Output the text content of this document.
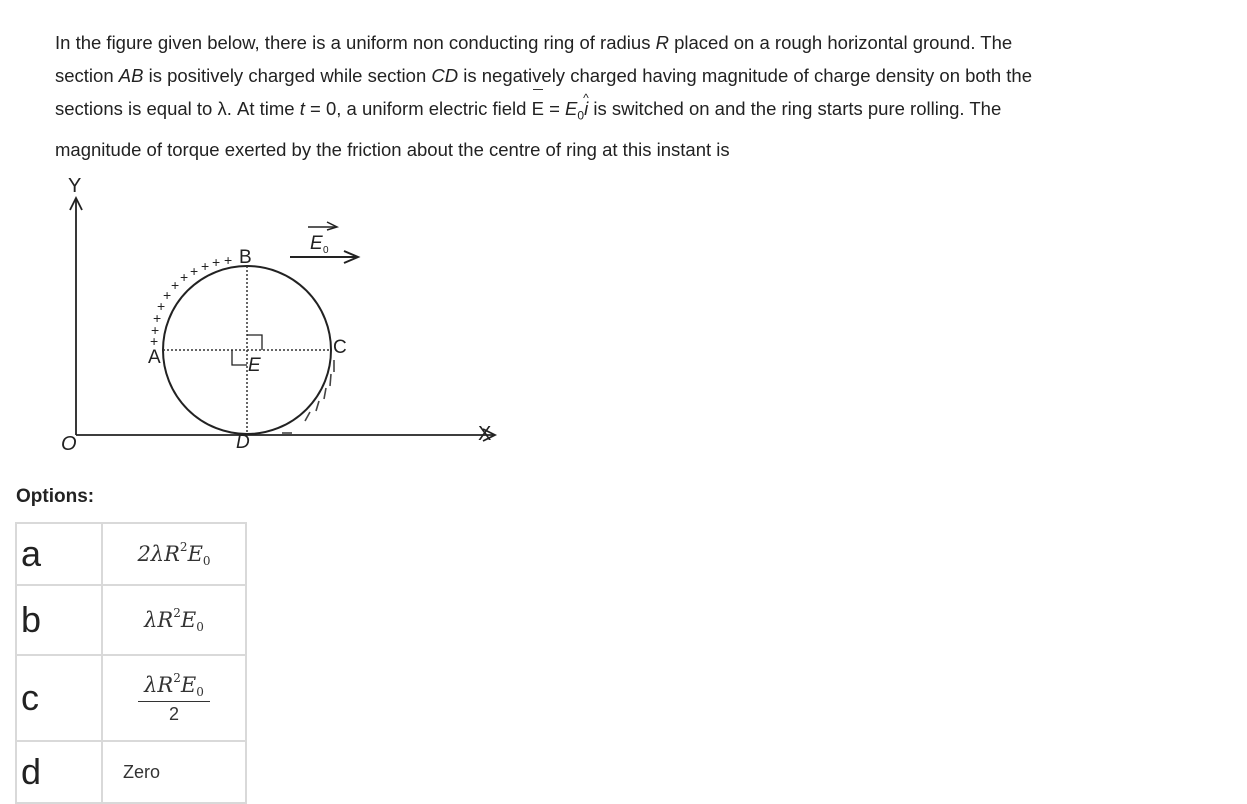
In the figure given below, there is a uniform non conducting ring of radius R placed on a rough horizontal ground. The

section AB is positively charged while section CD is negatively charged having magnitude of charge density on both the

sections is equal to λ. At time t = 0, a uniform electric field $E = E_0\^{}$ i is switched on and the ring starts pure rolling. The

magnitude of torque exerted by the friction about the centre of ring at this instant is

Y
X
O
+
+
+
+
+
+ + + + + +
A
B
C
D
E
E 0
Options:
a	$2\lambda R^2E_0$
b	$\lambda R^2E_0$
c	$\frac{\lambda R^2E_0}{2}$

d	Zero
